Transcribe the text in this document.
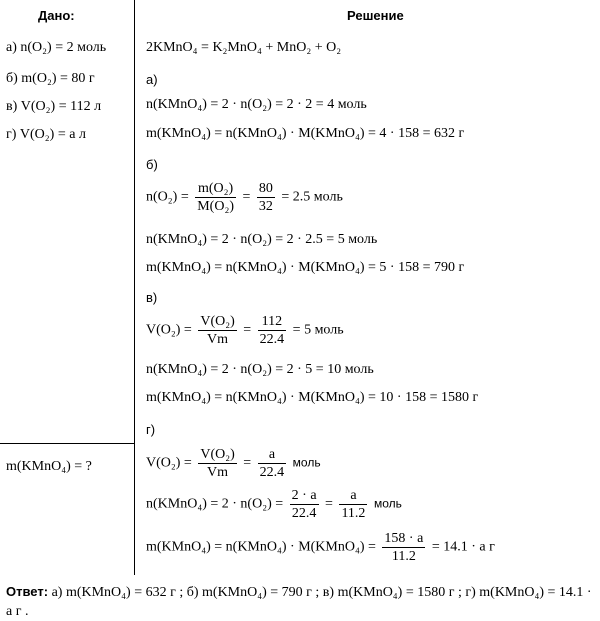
Дано:	Решение
а) n(O₂) = 2 моль
б) m(O₂) = 80 г
в) V(O₂) = 112 л
г) V(O₂) = a л
m(KMnO₄) = ?
2KMnO₄ = K₂MnO₄ + MnO₂ + O₂
а)
n(KMnO₄) = 2 · n(O₂) = 2 · 2 = 4 моль
m(KMnO₄) = n(KMnO₄) · M(KMnO₄) = 4 · 158 = 632 г
б)
$n(O_2) = \frac{\text{m(O₂)}}{\text{M(O₂)}} = \frac{80}{32} = 2.5$ моль
n(KMnO₄) = 2 · n(O₂) = 2 · 2.5 = 5 моль
m(KMnO₄) = n(KMnO₄) · M(KMnO₄) = 5 · 158 = 790 г
в)
$V(O_2) = \frac{\text{V(O₂)}}{Vm} = \frac{112}{22.4} = 5$ моль
n(KMnO₄) = 2 · n(O₂) = 2 · 5 = 10 моль
m(KMnO₄) = n(KMnO₄) · M(KMnO₄) = 10 · 158 = 1580 г
г)
$V(O_2) = \frac{\text{V(O₂)}}{Vm} = \frac{a}{22.4}$ моль
n(KMnO₄) = $2 \cdot n(O_2) = \frac{2 \cdot a}{22.4} = \frac{a}{11.2}$ моль
m(KMnO₄) = n(KMnO₄) · M(KMnO₄) = $\frac{158 \cdot a}{11.2} = 14.1 \cdot a$ г
Ответ: а) m(KMnO₄) = 632 г ; б) m(KMnO₄) = 790 г ; в) m(KMnO₄) = 1580 г ; г) m(KMnO₄) = 14.1 · a г .
